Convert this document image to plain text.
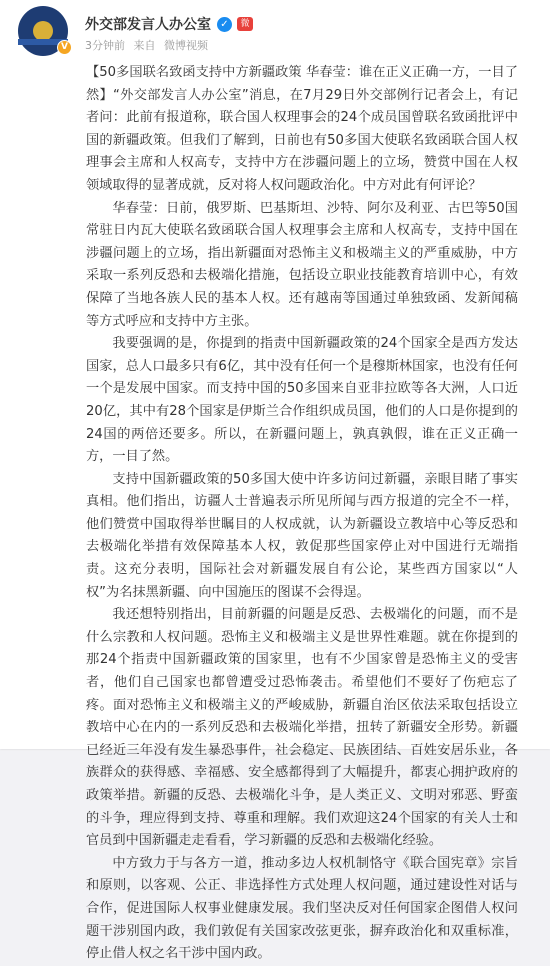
V
外交部发言人办公室 ✓	微
3分钟前 来自 微博视频

【50多国联名致函支持中方新疆政策 华春莹：谁在正义正确一方，一目了然】“外交部发言人办公室”消息，在7月29日外交部例行记者会上，有记者问：此前有报道称，联合国人权理事会的24个成员国曾联名致函批评中国的新疆政策。但我们了解到，日前也有50多国大使联名致函联合国人权理事会主席和人权高专，支持中方在涉疆问题上的立场，赞赏中国在人权领域取得的显著成就，反对将人权问题政治化。中方对此有何评论？

华春莹：日前，俄罗斯、巴基斯坦、沙特、阿尔及利亚、古巴等50国常驻日内瓦大使联名致函联合国人权理事会主席和人权高专，支持中国在涉疆问题上的立场，指出新疆面对恐怖主义和极端主义的严重威胁，中方采取一系列反恐和去极端化措施，包括设立职业技能教育培训中心，有效保障了当地各族人民的基本人权。还有越南等国通过单独致函、发新闻稿等方式呼应和支持中方主张。

我要强调的是，你提到的指责中国新疆政策的24个国家全是西方发达国家，总人口最多只有6亿，其中没有任何一个是穆斯林国家，也没有任何一个是发展中国家。而支持中国的50多国来自亚非拉欧等各大洲，人口近20亿，其中有28个国家是伊斯兰合作组织成员国，他们的人口是你提到的24国的两倍还要多。所以，在新疆问题上，孰真孰假，谁在正义正确一方，一目了然。

支持中国新疆政策的50多国大使中许多访问过新疆，亲眼目睹了事实真相。他们指出，访疆人士普遍表示所见所闻与西方报道的完全不一样，他们赞赏中国取得举世瞩目的人权成就，认为新疆设立教培中心等反恐和去极端化举措有效保障基本人权，敦促那些国家停止对中国进行无端指责。这充分表明，国际社会对新疆发展自有公论，某些西方国家以“人权”为名抹黑新疆、向中国施压的图谋不会得逞。

我还想特别指出，目前新疆的问题是反恐、去极端化的问题，而不是什么宗教和人权问题。恐怖主义和极端主义是世界性难题。就在你提到的那24个指责中国新疆政策的国家里，也有不少国家曾是恐怖主义的受害者，他们自己国家也都曾遭受过恐怖袭击。希望他们不要好了伤疤忘了疼。面对恐怖主义和极端主义的严峻威胁，新疆自治区依法采取包括设立教培中心在内的一系列反恐和去极端化举措，扭转了新疆安全形势。新疆已经近三年没有发生暴恐事件，社会稳定、民族团结、百姓安居乐业，各族群众的获得感、幸福感、安全感都得到了大幅提升，都衷心拥护政府的政策举措。新疆的反恐、去极端化斗争，是人类正义、文明对邪恶、野蛮的斗争，理应得到支持、尊重和理解。我们欢迎这24个国家的有关人士和官员到中国新疆走走看看，学习新疆的反恐和去极端化经验。

中方致力于与各方一道，推动多边人权机制恪守《联合国宪章》宗旨和原则，以客观、公正、非选择性方式处理人权问题，通过建设性对话与合作，促进国际人权事业健康发展。我们坚决反对任何国家企图借人权问题干涉别国内政，我们敦促有关国家改弦更张，摒弃政治化和双重标准，停止借人权之名干涉中国内政。
